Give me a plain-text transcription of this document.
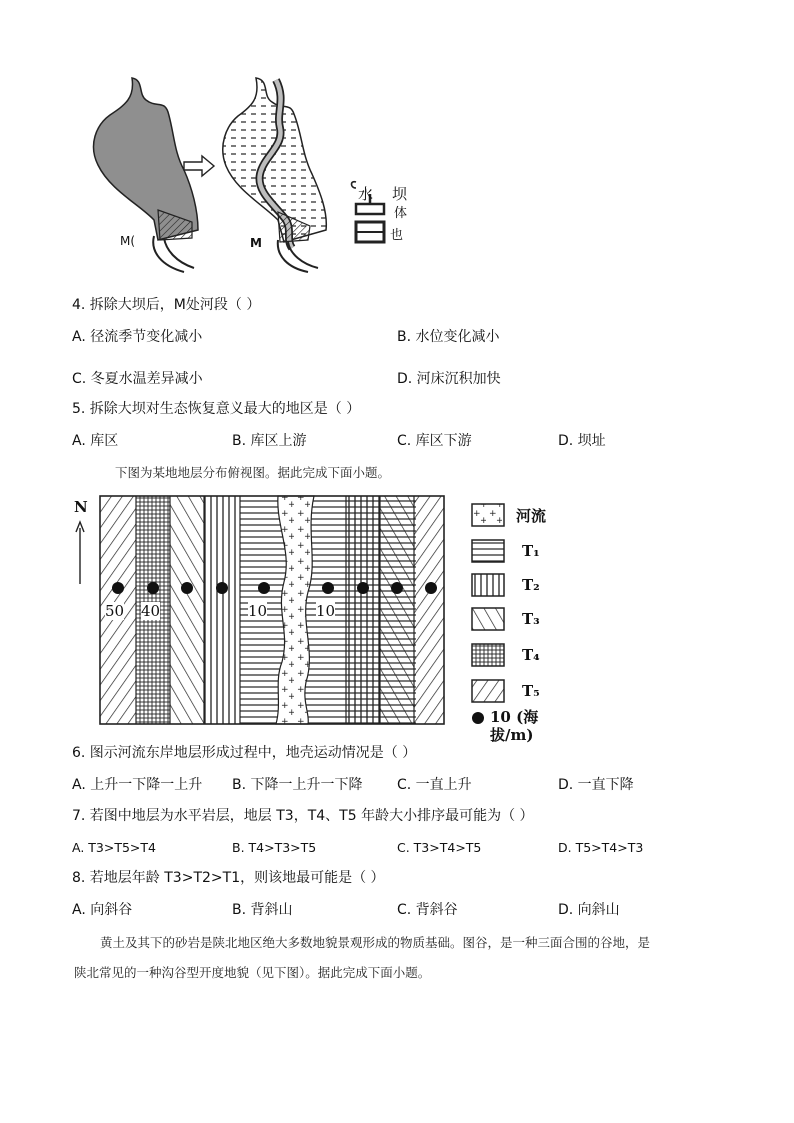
M(	M
水 坝
体
也
4. 拆除大坝后，M处河段（ ）
A. 径流季节变化减小	B. 水位变化减小
C. 冬夏水温差异减小	D. 河床沉积加快
5. 拆除大坝对生态恢复意义最大的地区是（ ）
A. 库区	B. 库区上游	C. 库区下游	D. 坝址
下图为某地地层分布俯视图。据此完成下面小题。
N
50 40	10	10
河流
T₁
T₂
T₃
T₄
T₅
10 (海拔/m)
6. 图示河流东岸地层形成过程中，地壳运动情况是（ ）
A. 上升一下降一上升 B. 下降一上升一下降 C. 一直上升	D. 一直下降
7. 若图中地层为水平岩层，地层 T3，T4、T5 年龄大小排序最可能为（ ）
A. T3>T5>T4	B. T4>T3>T5	C. T3>T4>T5	D. T5>T4>T3
8. 若地层年龄 T3>T2>T1，则该地最可能是（ ）
A. 向斜谷	B. 背斜山	C. 背斜谷	D. 向斜山
黄土及其下的砂岩是陕北地区绝大多数地貌景观形成的物质基础。图谷，是一种三面合围的谷地，是
陕北常见的一种沟谷型开度地貌（见下图）。据此完成下面小题。
